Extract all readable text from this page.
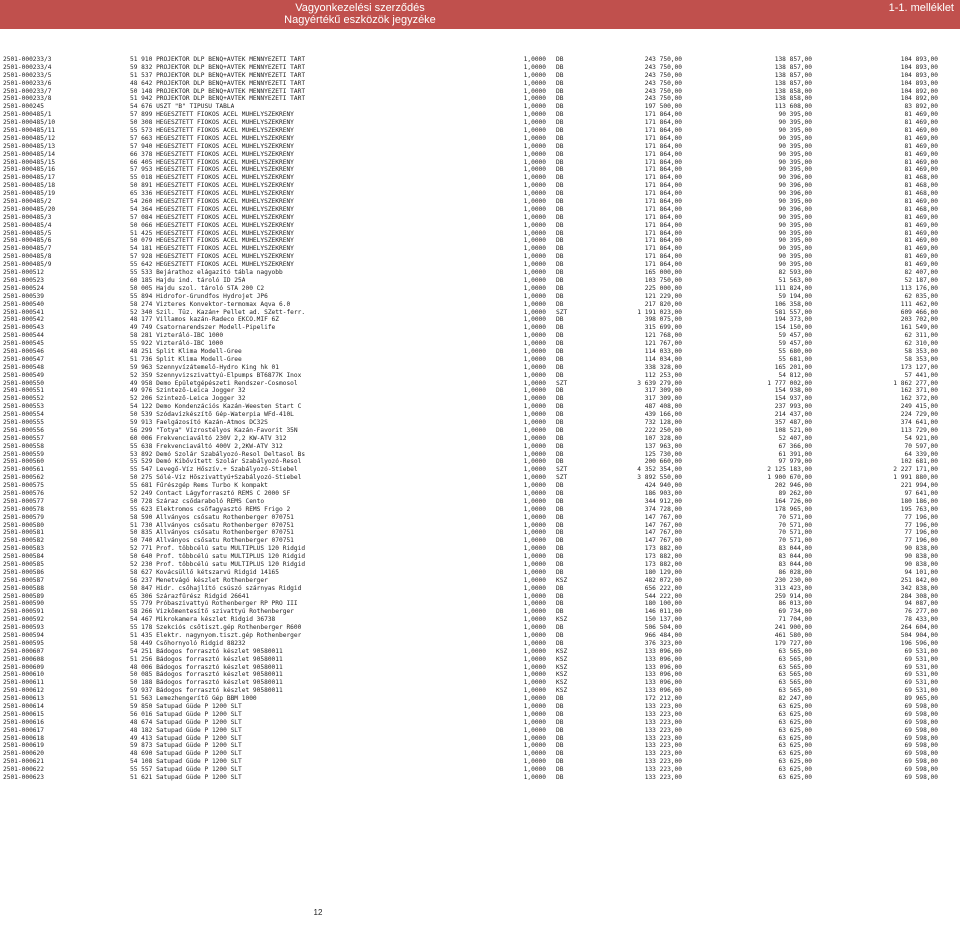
Vagyonkezelési szerződés
Nagyértékű eszközök jegyzéke
1-1. melléklet
2501-000233/3	51 910 PROJEKTOR DLP BENQ+AVTEK MENNYEZETI TART	1,0000 DB	243 750,00	138 857,00	104 893,00
2501-000233/4	59 832 PROJEKTOR DLP BENQ+AVTEK MENNYEZETI TART	1,0000 DB	243 750,00	138 857,00	104 893,00
2501-000233/5	51 537 PROJEKTOR DLP BENQ+AVTEK MENNYEZETI TART	1,0000 DB	243 750,00	138 857,00	104 893,00
2501-000233/6	48 642 PROJEKTOR DLP BENQ+AVTEK MENNYEZETI TART	1,0000 DB	243 750,00	138 857,00	104 893,00
2501-000233/7	50 148 PROJEKTOR DLP BENQ+AVTEK MENNYEZETI TART	1,0000 DB	243 750,00	138 858,00	104 892,00
2501-000233/8	51 942 PROJEKTOR DLP BENQ+AVTEK MENNYEZETI TART	1,0000 DB	243 750,00	138 858,00	104 892,00
2501-000245	54 676 ÜSZT "B" TÍPUSÚ TÁBLA	1,0000 DB	197 500,00	113 608,00	83 892,00
2501-000485/1	57 899 HEGESZTETT FIÓKOS ACÉL MŰHELYSZEKRÉNY	1,0000 DB	171 864,00	90 395,00	81 469,00
2501-000485/10	50 308 HEGESZTETT FIÓKOS ACÉL MŰHELYSZEKRÉNY	1,0000 DB	171 864,00	90 395,00	81 469,00
2501-000485/11	55 573 HEGESZTETT FIÓKOS ACÉL MŰHELYSZEKRÉNY	1,0000 DB	171 864,00	90 395,00	81 469,00
2501-000485/12	57 663 HEGESZTETT FIÓKOS ACÉL MŰHELYSZEKRÉNY	1,0000 DB	171 864,00	90 395,00	81 469,00
2501-000485/13	57 940 HEGESZTETT FIÓKOS ACÉL MŰHELYSZEKRÉNY	1,0000 DB	171 864,00	90 395,00	81 469,00
2501-000485/14	66 378 HEGESZTETT FIÓKOS ACÉL MŰHELYSZEKRÉNY	1,0000 DB	171 864,00	90 395,00	81 469,00
2501-000485/15	66 405 HEGESZTETT FIÓKOS ACÉL MŰHELYSZEKRÉNY	1,0000 DB	171 864,00	90 395,00	81 469,00
2501-000485/16	57 953 HEGESZTETT FIÓKOS ACÉL MŰHELYSZEKRÉNY	1,0000 DB	171 864,00	90 395,00	81 469,00
2501-000485/17	55 018 HEGESZTETT FIÓKOS ACÉL MŰHELYSZEKRÉNY	1,0000 DB	171 864,00	90 396,00	81 468,00
2501-000485/18	50 891 HEGESZTETT FIÓKOS ACÉL MŰHELYSZEKRÉNY	1,0000 DB	171 864,00	90 396,00	81 468,00
2501-000485/19	65 336 HEGESZTETT FIÓKOS ACÉL MŰHELYSZEKRÉNY	1,0000 DB	171 864,00	90 396,00	81 468,00
2501-000485/2	54 260 HEGESZTETT FIÓKOS ACÉL MŰHELYSZEKRÉNY	1,0000 DB	171 864,00	90 395,00	81 469,00
2501-000485/20	54 364 HEGESZTETT FIÓKOS ACÉL MŰHELYSZEKRÉNY	1,0000 DB	171 864,00	90 396,00	81 468,00
2501-000485/3	57 084 HEGESZTETT FIÓKOS ACÉL MŰHELYSZEKRÉNY	1,0000 DB	171 864,00	90 395,00	81 469,00
2501-000485/4	50 066 HEGESZTETT FIÓKOS ACÉL MŰHELYSZEKRÉNY	1,0000 DB	171 864,00	90 395,00	81 469,00
2501-000485/5	51 425 HEGESZTETT FIÓKOS ACÉL MŰHELYSZEKRÉNY	1,0000 DB	171 864,00	90 395,00	81 469,00
2501-000485/6	50 079 HEGESZTETT FIÓKOS ACÉL MŰHELYSZEKRÉNY	1,0000 DB	171 864,00	90 395,00	81 469,00
2501-000485/7	54 181 HEGESZTETT FIÓKOS ACÉL MŰHELYSZEKRÉNY	1,0000 DB	171 864,00	90 395,00	81 469,00
2501-000485/8	57 928 HEGESZTETT FIÓKOS ACÉL MŰHELYSZEKRÉNY	1,0000 DB	171 864,00	90 395,00	81 469,00
2501-000485/9	55 642 HEGESZTETT FIÓKOS ACÉL MŰHELYSZEKRÉNY	1,0000 DB	171 864,00	90 395,00	81 469,00
2501-000512	55 533 Bejárathoz elágazító tábla nagyobb	1,0000 DB	165 000,00	82 593,00	82 407,00
2501-000523	60 185 Hajdu ind. tároló ID 25A	1,0000 DB	103 750,00	51 563,00	52 187,00
2501-000524	50 005 Hajdu szol. tároló STA 200 C2	1,0000 DB	225 000,00	111 824,00	113 176,00
2501-000539	55 894 Hidrofor-Grundfos Hydrojet JP6	1,0000 DB	121 229,00	59 194,00	62 035,00
2501-000540	58 274 Vizteres Konvektor-termomax Aqva 6.0	1,0000 DB	217 820,00	106 358,00	111 462,00
2501-000541	52 340 Szil. Tüz. Kazán+ Pellet ad. SZett-ferr.	1,0000 SZT	1 191 023,00	581 557,00	609 466,00
2501-000542	48 177 Villamos kazán-Radeco EKCO.MIF 6Z	1,0000 DB	398 075,00	194 373,00	203 702,00
2501-000543	49 749 Csatornarendszer Modell-Pipelife	1,0000 DB	315 699,00	154 150,00	161 549,00
2501-000544	58 281 Vizteráló-IBC 1000	1,0000 DB	121 768,00	59 457,00	62 311,00
2501-000545	55 922 Vizteráló-IBC 1000	1,0000 DB	121 767,00	59 457,00	62 310,00
2501-000546	48 251 Split Klima Modell-Gree	1,0000 DB	114 033,00	55 680,00	58 353,00
2501-000547	51 736 Split Klima Modell-Gree	1,0000 DB	114 034,00	55 681,00	58 353,00
2501-000548	59 963 Szennyvízátemelő-Hydro King hk 01	1,0000 DB	338 328,00	165 201,00	173 127,00
2501-000549	52 359 Szennyvizszivattyú-Elpumps BT6877K Inox	1,0000 DB	112 253,00	54 812,00	57 441,00
2501-000550	49 958 Demo Épületgépészeti Rendszer-Cosmosol	1,0000 SZT	3 639 279,00	1 777 002,00	1 862 277,00
2501-000551	49 976 Szintező-Leica Jogger 32	1,0000 DB	317 309,00	154 938,00	162 371,00
2501-000552	52 206 Szintező-Leica Jogger 32	1,0000 DB	317 309,00	154 937,00	162 372,00
2501-000553	54 122 Demo Kondenzációs Kazán-Weesten Start C	1,0000 DB	487 408,00	237 993,00	249 415,00
2501-000554	50 539 Szódavízkészítő Gép-Waterpia WFd-410L	1,0000 DB	439 166,00	214 437,00	224 729,00
2501-000555	59 913 Faelgázosító Kazán-Atmos DC32S	1,0000 DB	732 128,00	357 487,00	374 641,00
2501-000556	56 299 "Totya" Vízrostélyos Kazán-Favorit 35N	1,0000 DB	222 250,00	108 521,00	113 729,00
2501-000557	60 006 Frekvenciaváltó 230V 2,2 KW-ATV 312	1,0000 DB	107 328,00	52 407,00	54 921,00
2501-000558	55 638 Frekvenciaváltó 400V 2,2KW-ATV 312	1,0000 DB	137 963,00	67 366,00	70 597,00
2501-000559	53 892 Demó Szolár Szabályozó-Resol Deltasol Bs	1,0000 DB	125 730,00	61 391,00	64 339,00
2501-000560	55 529 Demó Kibővített Szolár Szabályozó-Resol	1,0000 DB	200 660,00	97 979,00	102 681,00
2501-000561	55 547 Levegő-Víz Hőszív.+ Szabályozó-Stiebel	1,0000 SZT	4 352 354,00	2 125 183,00	2 227 171,00
2501-000562	50 275 Sólé-Víz Hőszivattyú+Szabályozó-Stiebel	1,0000 SZT	3 892 550,00	1 900 670,00	1 991 880,00
2501-000575	55 681 Fűrészgép Rems Turbo K kompakt	1,0000 DB	424 940,00	202 946,00	221 994,00
2501-000576	52 249 Contact Lágyforrasztó REMS C 2000 SF	1,0000 DB	186 903,00	89 262,00	97 641,00
2501-000577	50 728 Száraz csődaraboló REMS Cento	1,0000 DB	344 912,00	164 726,00	180 186,00
2501-000578	55 623 Elektromos csőfagyasztó REMS Frigo 2	1,0000 DB	374 728,00	178 965,00	195 763,00
2501-000579	58 590 Állványos csősatu Rothenberger 070751	1,0000 DB	147 767,00	70 571,00	77 196,00
2501-000580	51 730 Állványos csősatu Rothenberger 070751	1,0000 DB	147 767,00	70 571,00	77 196,00
2501-000581	50 835 Állványos csősatu Rothenberger 070751	1,0000 DB	147 767,00	70 571,00	77 196,00
2501-000582	50 740 Állványos csősatu Rothenberger 070751	1,0000 DB	147 767,00	70 571,00	77 196,00
2501-000583	52 771 Prof. többcélú satu MULTIPLUS 120 Ridgid	1,0000 DB	173 882,00	83 044,00	90 838,00
2501-000584	50 640 Prof. többcélú satu MULTIPLUS 120 Ridgid	1,0000 DB	173 882,00	83 044,00	90 838,00
2501-000585	52 230 Prof. többcélú satu MULTIPLUS 120 Ridgid	1,0000 DB	173 882,00	83 044,00	90 838,00
2501-000586	58 627 Kovácsüllő kétszarvú Ridgid 14165	1,0000 DB	180 129,00	86 028,00	94 101,00
2501-000587	56 237 Menetvágó készlet Rothenberger	1,0000 KSZ	482 072,00	230 230,00	251 842,00
2501-000588	50 847 Hidr. csőhajlító csúszó szárnyas Ridgid	1,0000 DB	656 222,00	313 423,00	342 838,00
2501-000589	65 306 Szárazfűrész Ridgid 26641	1,0000 DB	544 222,00	259 914,00	284 308,00
2501-000590	55 779 Próbaszivattyú Rothenberger RP PRO III	1,0000 DB	180 100,00	86 013,00	94 087,00
2501-000591	58 266 Vizkőmentesítő szivattyú Rothenberger	1,0000 DB	146 011,00	69 734,00	76 277,00
2501-000592	54 467 Mikrokamera készlet Ridgid 36738	1,0000 KSZ	150 137,00	71 704,00	78 433,00
2501-000593	55 178 Szekciós csőtiszt.gép Rothenberger R600	1,0000 DB	506 504,00	241 900,00	264 604,00
2501-000594	51 435 Elektr. nagynyom.tiszt.gép Rothenberger	1,0000 DB	966 484,00	461 580,00	504 904,00
2501-000595	58 449 Csőhornyoló Ridgid 88232	1,0000 DB	376 323,00	179 727,00	196 596,00
2501-000607	54 251 Bádogos forrasztó készlet 90580011	1,0000 KSZ	133 096,00	63 565,00	69 531,00
2501-000608	51 256 Bádogos forrasztó készlet 90580011	1,0000 KSZ	133 096,00	63 565,00	69 531,00
2501-000609	48 006 Bádogos forrasztó készlet 90580011	1,0000 KSZ	133 096,00	63 565,00	69 531,00
2501-000610	50 085 Bádogos forrasztó készlet 90580011	1,0000 KSZ	133 096,00	63 565,00	69 531,00
2501-000611	50 188 Bádogos forrasztó készlet 90580011	1,0000 KSZ	133 096,00	63 565,00	69 531,00
2501-000612	59 937 Bádogos forrasztó készlet 90580011	1,0000 KSZ	133 096,00	63 565,00	69 531,00
2501-000613	51 563 Lemezhengerítő Gép BBM 1000	1,0000 DB	172 212,00	82 247,00	89 965,00
2501-000614	59 850 Satupad Güde P 1200 SLT	1,0000 DB	133 223,00	63 625,00	69 598,00
2501-000615	56 016 Satupad Güde P 1200 SLT	1,0000 DB	133 223,00	63 625,00	69 598,00
2501-000616	48 674 Satupad Güde P 1200 SLT	1,0000 DB	133 223,00	63 625,00	69 598,00
2501-000617	48 182 Satupad Güde P 1200 SLT	1,0000 DB	133 223,00	63 625,00	69 598,00
2501-000618	49 413 Satupad Güde P 1200 SLT	1,0000 DB	133 223,00	63 625,00	69 598,00
2501-000619	59 873 Satupad Güde P 1200 SLT	1,0000 DB	133 223,00	63 625,00	69 598,00
2501-000620	48 690 Satupad Güde P 1200 SLT	1,0000 DB	133 223,00	63 625,00	69 598,00
2501-000621	54 108 Satupad Güde P 1200 SLT	1,0000 DB	133 223,00	63 625,00	69 598,00
2501-000622	55 557 Satupad Güde P 1200 SLT	1,0000 DB	133 223,00	63 625,00	69 598,00
2501-000623	51 621 Satupad Güde P 1200 SLT	1,0000 DB	133 223,00	63 625,00	69 598,00
12
